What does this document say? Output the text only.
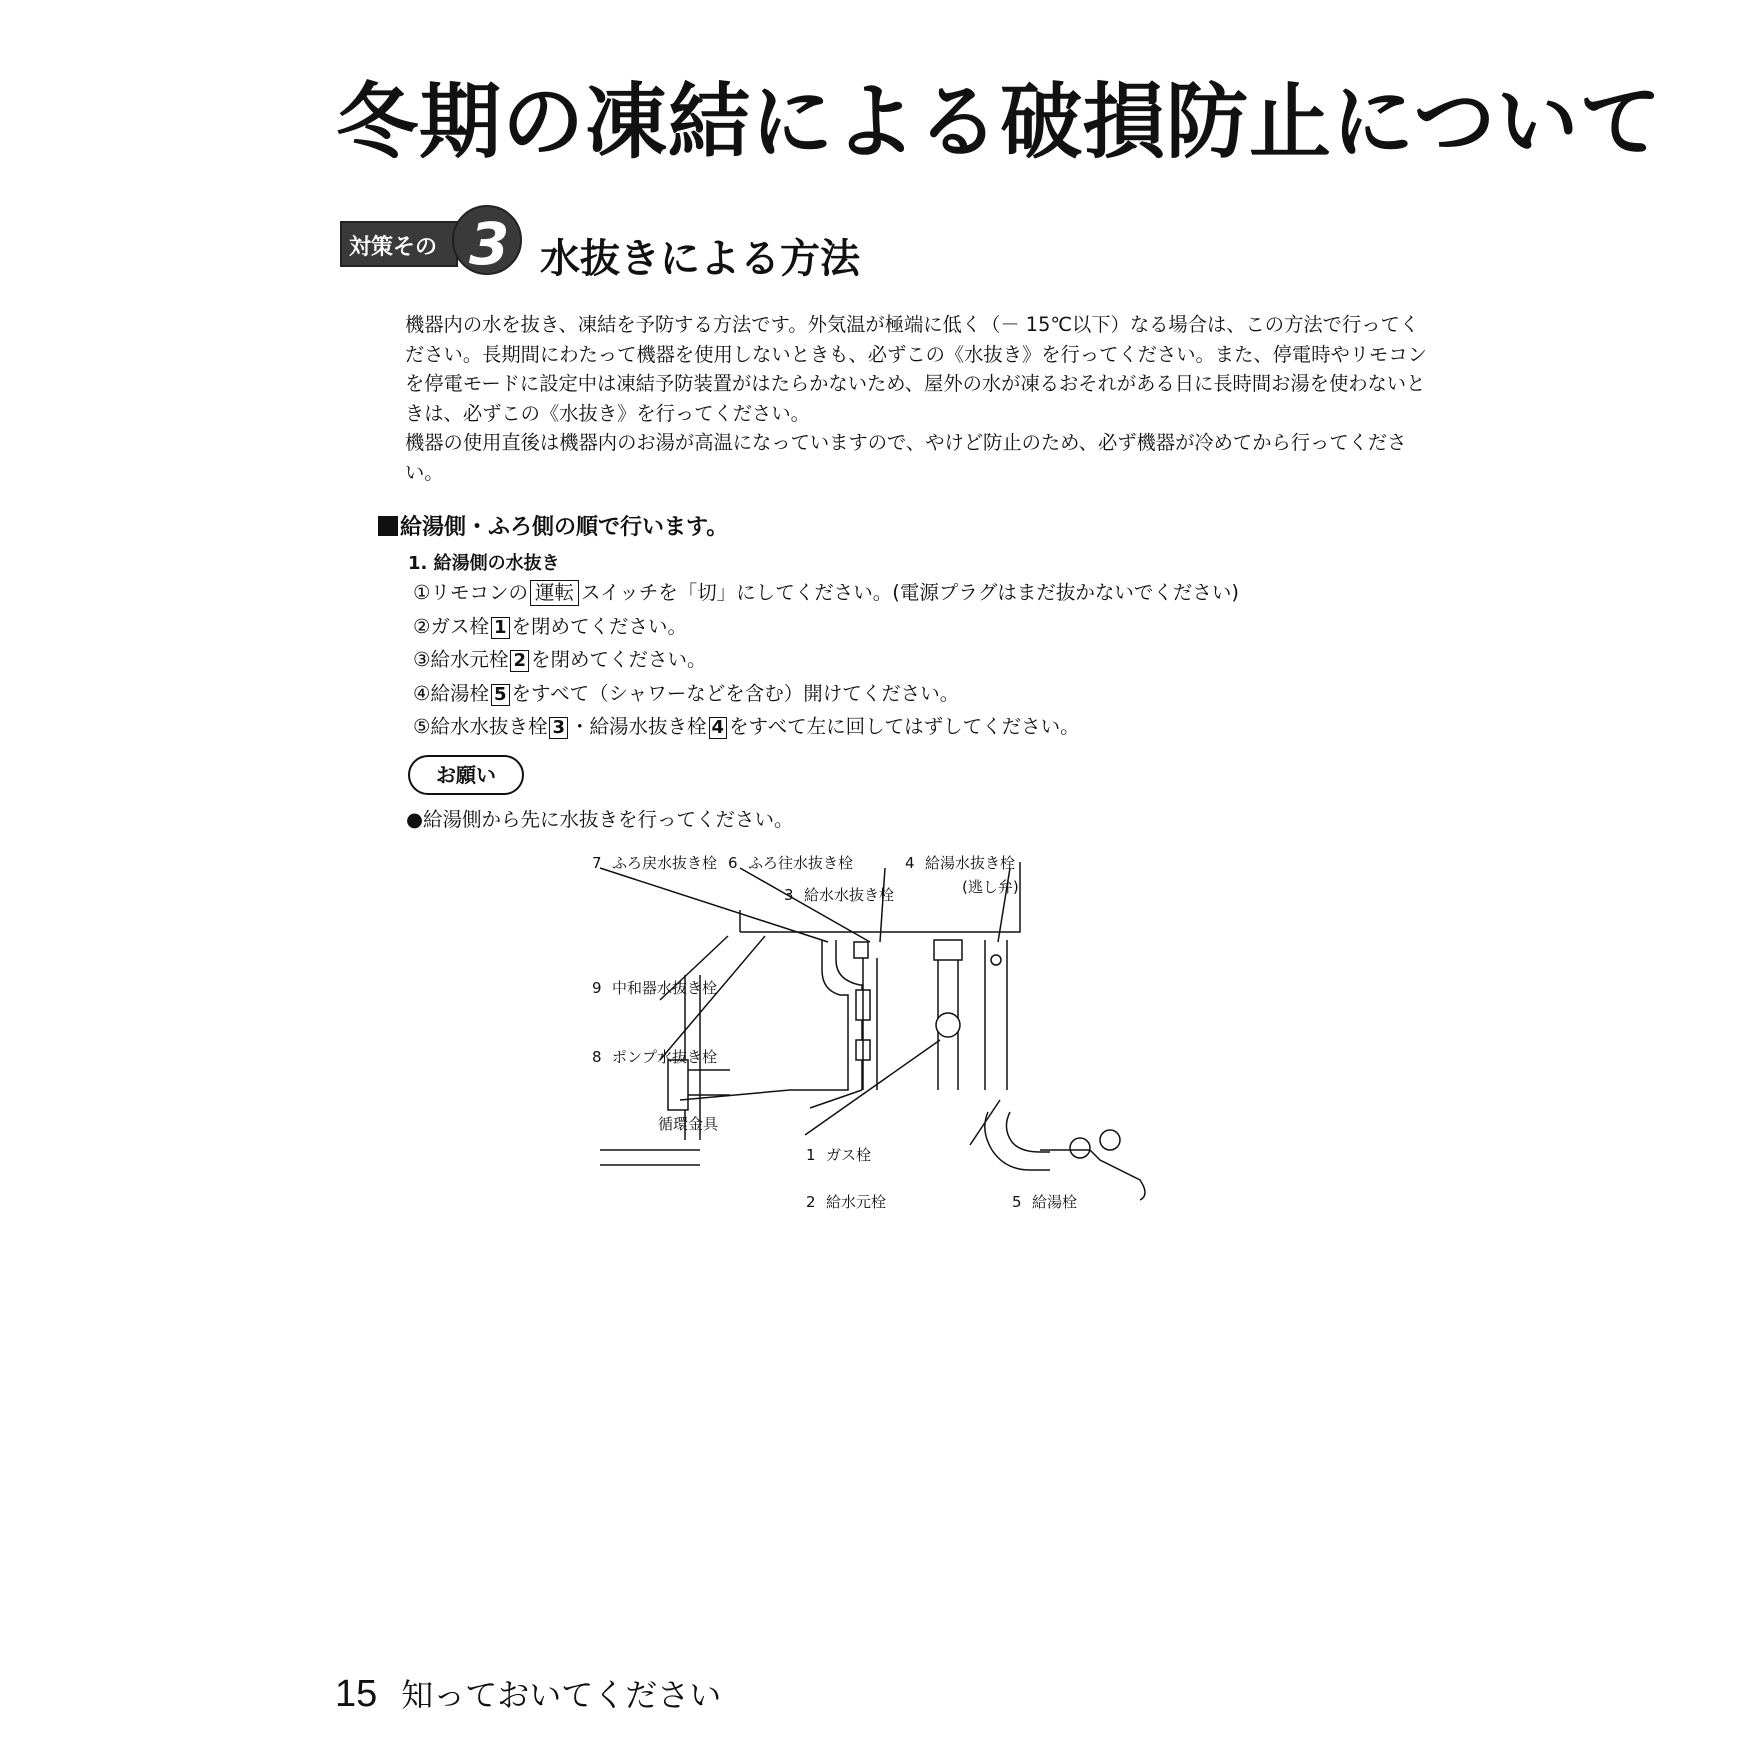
冬期の凍結による破損防止について
対策その 3 水抜きによる方法

機器内の水を抜き、凍結を予防する方法です。外気温が極端に低く（－ 15℃以下）なる場合は、この方法で行ってください。長期間にわたって機器を使用しないときも、必ずこの《水抜き》を行ってください。また、停電時やリモコンを停電モードに設定中は凍結予防装置がはたらかないため、屋外の水が凍るおそれがある日に長時間お湯を使わないときは、必ずこの《水抜き》を行ってください。

機器の使用直後は機器内のお湯が高温になっていますので、やけど防止のため、必ず機器が冷めてから行ってください。

給湯側・ふろ側の順で行います。
1. 給湯側の水抜き
①リモコンの 運転 スイッチを「切」にしてください。(電源プラグはまだ抜かないでください)
②ガス栓 1 を閉めてください。
③給水元栓 2 を閉めてください。
④給湯栓 5 をすべて（シャワーなどを含む）開けてください。
⑤給水水抜き栓 3 ・給湯水抜き栓 4 をすべて左に回してはずしてください。
お願い
●給湯側から先に水抜きを行ってください。
7 ふろ戻水抜き栓 6 ふろ往水抜き栓	4 給湯水抜き栓
(逃し弁)
3 給水水抜き栓
9 中和器水抜き栓
8 ポンプ水抜き栓
循環金具
1 ガス栓
2 給水元栓	5 給湯栓
15 知っておいてください
